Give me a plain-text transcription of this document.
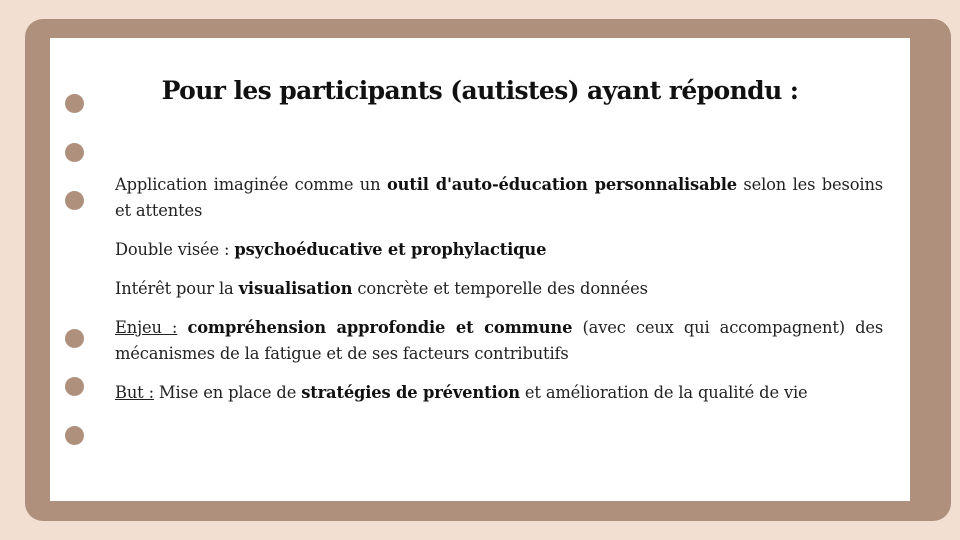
Pour les participants (autistes) ayant répondu :

Application imaginée comme un outil d'auto-éducation personnalisable selon les besoins et attentes

Double visée : psychoéducative et prophylactique

Intérêt pour la visualisation concrète et temporelle des données

Enjeu : compréhension approfondie et commune (avec ceux qui accompagnent) des mécanismes de la fatigue et de ses facteurs contributifs

But : Mise en place de stratégies de prévention et amélioration de la qualité de vie
